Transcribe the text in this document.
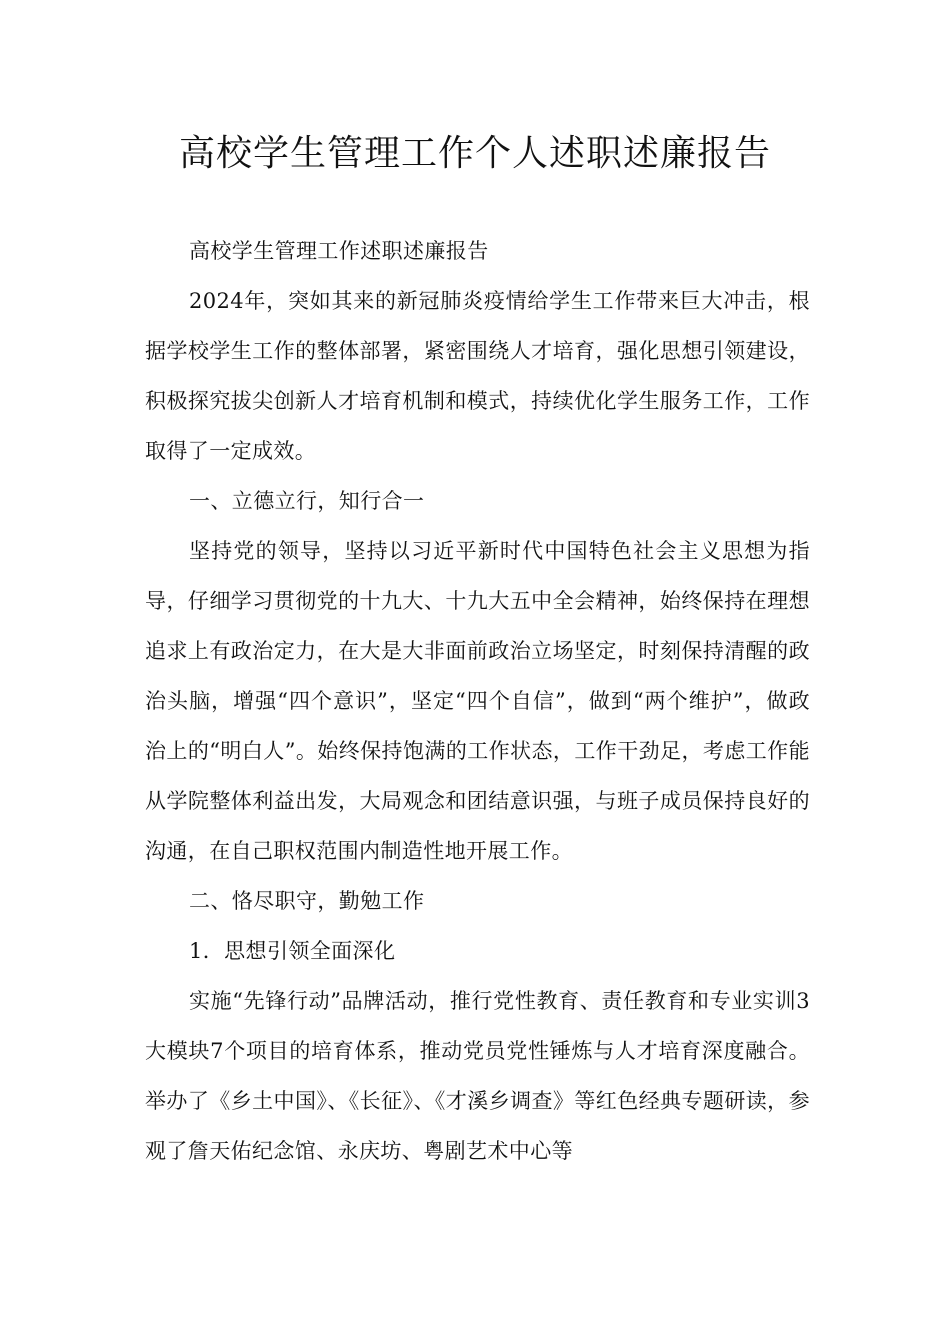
高校学生管理工作个人述职述廉报告

高校学生管理工作述职述廉报告

2024年，突如其来的新冠肺炎疫情给学生工作带来巨大冲击，根据学校学生工作的整体部署，紧密围绕人才培育，强化思想引领建设，积极探究拔尖创新人才培育机制和模式，持续优化学生服务工作，工作取得了一定成效。

一、立德立行，知行合一

坚持党的领导，坚持以习近平新时代中国特色社会主义思想为指导，仔细学习贯彻党的十九大、十九大五中全会精神，始终保持在理想追求上有政治定力，在大是大非面前政治立场坚定，时刻保持清醒的政治头脑，增强“四个意识”，坚定“四个自信”，做到“两个维护”，做政治上的“明白人”。始终保持饱满的工作状态，工作干劲足，考虑工作能从学院整体利益出发，大局观念和团结意识强，与班子成员保持良好的沟通，在自己职权范围内制造性地开展工作。

二、恪尽职守，勤勉工作

1．思想引领全面深化

实施“先锋行动”品牌活动，推行党性教育、责任教育和专业实训3大模块7个项目的培育体系，推动党员党性锤炼与人才培育深度融合。举办了《乡土中国》、《长征》、《才溪乡调查》等红色经典专题研读，参观了詹天佑纪念馆、永庆坊、粤剧艺术中心等
